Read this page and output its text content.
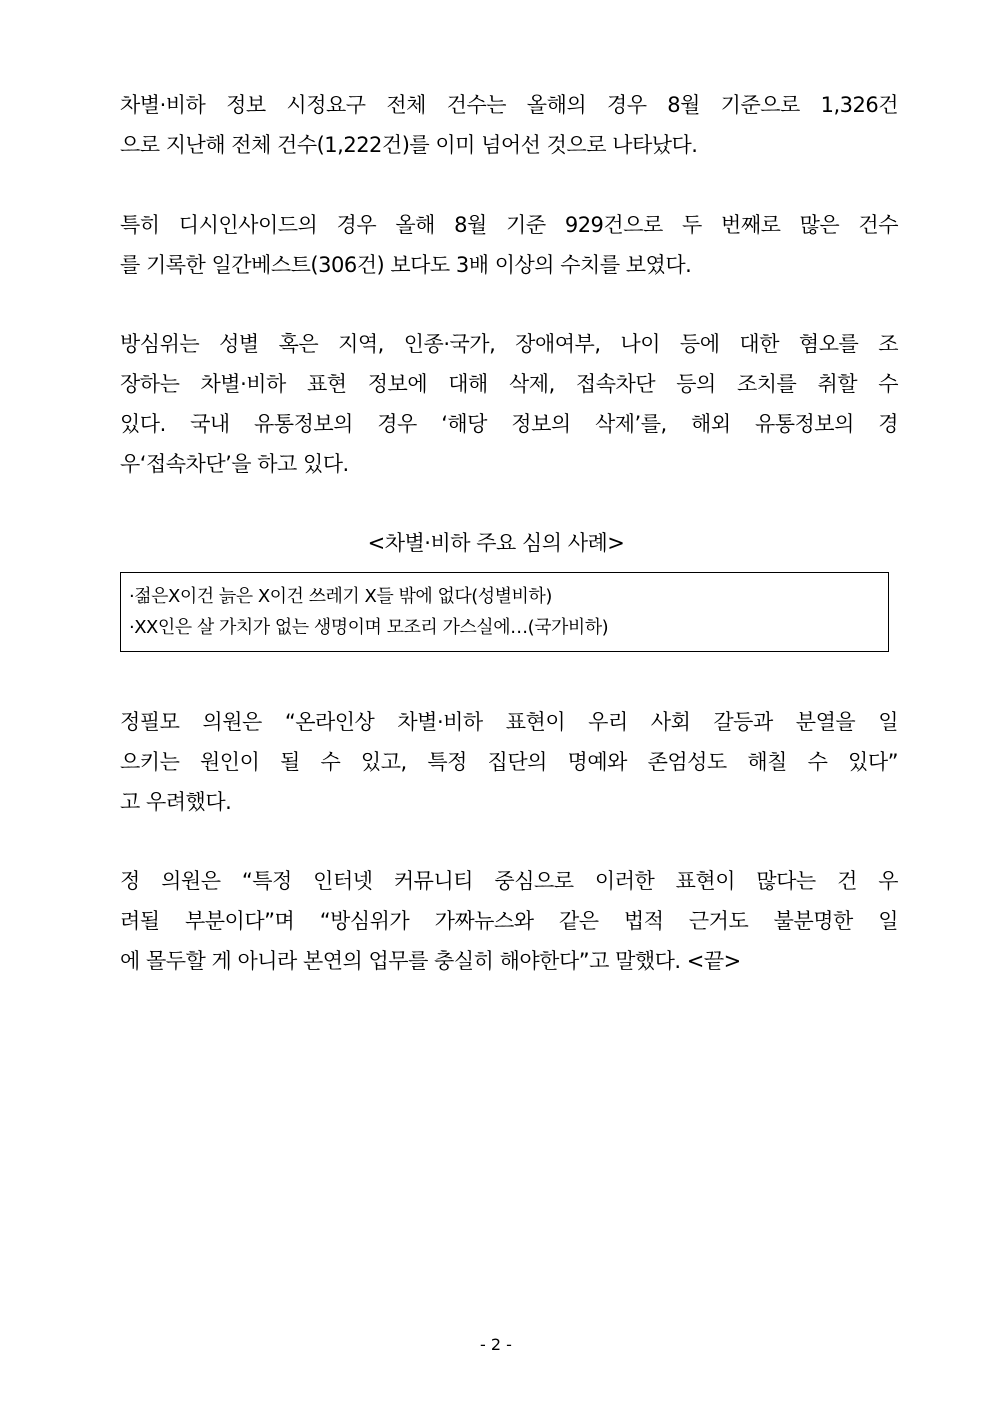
차별·비하 정보 시정요구 전체 건수는 올해의 경우 8월 기준으로 1,326건
으로 지난해 전체 건수(1,222건)를 이미 넘어선 것으로 나타났다.
특히 디시인사이드의 경우 올해 8월 기준 929건으로 두 번째로 많은 건수
를 기록한 일간베스트(306건) 보다도 3배 이상의 수치를 보였다.
방심위는 성별 혹은 지역, 인종·국가, 장애여부, 나이 등에 대한 혐오를 조
장하는 차별·비하 표현 정보에 대해 삭제, 접속차단 등의 조치를 취할 수
있다. 국내 유통정보의 경우 ‘해당 정보의 삭제’를, 해외 유통정보의 경
우‘접속차단’을 하고 있다.
<차별·비하 주요 심의 사례>
·젊은X이건 늙은 X이건 쓰레기 X들 밖에 없다(성별비하)
·XX인은 살 가치가 없는 생명이며 모조리 가스실에…(국가비하)
정필모 의원은 “온라인상 차별·비하 표현이 우리 사회 갈등과 분열을 일
으키는 원인이 될 수 있고, 특정 집단의 명예와 존엄성도 해칠 수 있다”
고 우려했다.
정 의원은 “특정 인터넷 커뮤니티 중심으로 이러한 표현이 많다는 건 우
려될 부분이다”며 “방심위가 가짜뉴스와 같은 법적 근거도 불분명한 일
에 몰두할 게 아니라 본연의 업무를 충실히 해야한다”고 말했다. <끝>
- 2 -
